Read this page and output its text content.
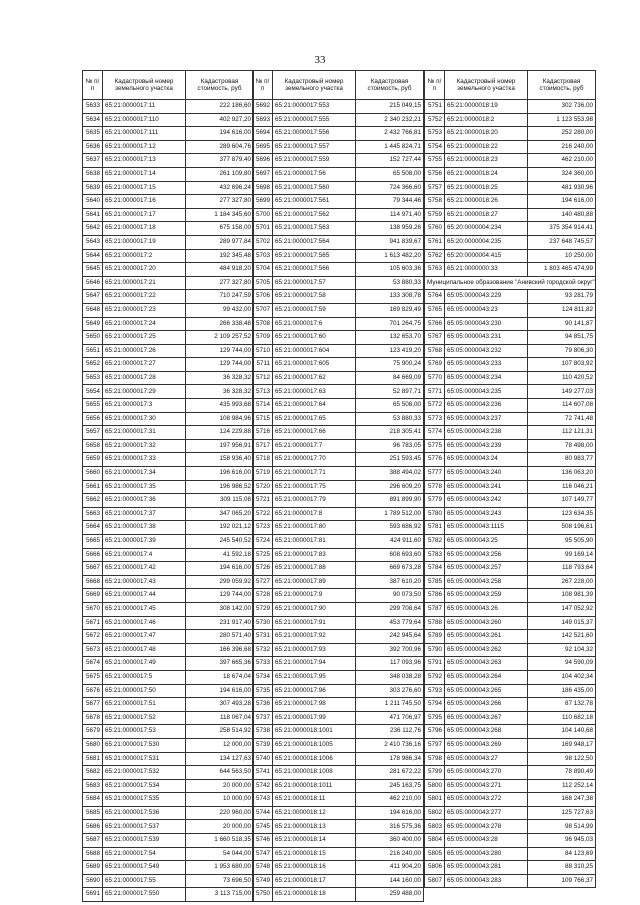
33
№ п/п	Кадастровый номер земельного участка	Кадастровая стоимость, руб
5633	65:21:0000017:11	222 186,60
5634	65:21:0000017:110	402 927,20
5635	65:21:0000017:111	194 616,00
5636	65:21:0000017:12	289 604,76
5637	65:21:0000017:13	377 879,40
5638	65:21:0000017:14	261 109,80
5639	65:21:0000017:15	432 696,24
5640	65:21:0000017:16	277 327,80
5641	65:21:0000017:17	1 184 345,60
5642	65:21:0000017:18	675 158,00
5643	65:21:0000017:19	289 977,84
5644	65:21:0000017:2	192 345,48
5645	65:21:0000017:20	484 918,20
5646	65:21:0000017:21	277 327,80
5647	65:21:0000017:22	710 247,59
5648	65:21:0000017:23	99 432,00
5649	65:21:0000017:24	266 338,48
5650	65:21:0000017:25	2 109 257,52
5651	65:21:0000017:26	129 744,00
5652	65:21:0000017:27	129 744,00
5653	65:21:0000017:28	36 328,32
5654	65:21:0000017:29	36 328,32
5655	65:21:0000017:3	435 993,68
5656	65:21:0000017:30	108 984,96
5657	65:21:0000017:31	124 229,88
5658	65:21:0000017:32	197 956,91
5659	65:21:0000017:33	158 936,40
5660	65:21:0000017:34	196 616,00
5661	65:21:0000017:35	196 986,52
5662	65:21:0000017:36	309 115,08
5663	65:21:0000017:37	347 065,20
5664	65:21:0000017:38	192 021,12
5665	65:21:0000017:39	245 540,52
5666	65:21:0000017:4	41 592,18
5667	65:21:0000017:42	194 616,00
5668	65:21:0000017:43	299 059,92
5669	65:21:0000017:44	129 744,00
5670	65:21:0000017:45	308 142,00
5671	65:21:0000017:46	231 917,40
5672	65:21:0000017:47	280 571,40
5673	65:21:0000017:48	166 396,68
5674	65:21:0000017:49	397 665,36
5675	65:21:0000017:5	18 674,04
5676	65:21:0000017:50	194 616,00
5677	65:21:0000017:51	307 493,28
5678	65:21:0000017:52	118 067,04
5679	65:21:0000017:53	258 514,92
5680	65:21:0000017:530	12 000,00
5681	65:21:0000017:531	134 127,63
5682	65:21:0000017:532	644 563,50
5683	65:21:0000017:534	20 000,00
5684	65:21:0000017:535	10 000,00
5685	65:21:0000017:536	220 960,00
5686	65:21:0000017:537	20 000,00
5687	65:21:0000017:539	1 660 518,35
5688	65:21:0000017:54	54 044,00
5689	65:21:0000017:549	1 953 680,00
5690	65:21:0000017:55	73 696,50
5691	65:21:0000017:550	3 113 715,00
№ п/п	Кадастровый номер земельного участка	Кадастровая стоимость, руб
5692	65:21:0000017:553	215 049,15
5693	65:21:0000017:555	2 340 232,21
5694	65:21:0000017:556	2 432 766,81
5695	65:21:0000017:557	1 445 824,71
5696	65:21:0000017:559	152 727,44
5697	65:21:0000017:56	65 508,00
5698	65:21:0000017:560	724 366,60
5699	65:21:0000017:561	79 344,46
5700	65:21:0000017:562	114 971,40
5701	65:21:0000017:563	138 959,26
5702	65:21:0000017:564	941 839,67
5703	65:21:0000017:565	1 613 482,20
5704	65:21:0000017:566	105 603,36
5705	65:21:0000017:57	53 880,33
5706	65:21:0000017:58	133 308,78
5707	65:21:0000017:59	169 829,49
5708	65:21:0000017:6	701 264,75
5709	65:21:0000017:60	132 653,70
5710	65:21:0000017:604	123 419,20
5711	65:21:0000017:605	75 900,24
5712	65:21:0000017:62	84 669,09
5713	65:21:0000017:63	52 897,71
5714	65:21:0000017:64	65 508,00
5715	65:21:0000017:65	53 880,33
5716	65:21:0000017:66	218 305,41
5717	65:21:0000017:7	96 783,05
5718	65:21:0000017:70	251 593,45
5719	65:21:0000017:71	388 494,02
5720	65:21:0000017:75	296 609,20
5721	65:21:0000017:79	891 899,90
5722	65:21:0000017:8	1 789 512,00
5723	65:21:0000017:80	593 686,92
5724	65:21:0000017:81	424 911,60
5725	65:21:0000017:83	608 693,60
5726	65:21:0000017:88	669 673,28
5727	65:21:0000017:89	387 610,20
5728	65:21:0000017:9	90 073,50
5729	65:21:0000017:90	299 708,64
5730	65:21:0000017:91	453 779,64
5731	65:21:0000017:92	242 945,64
5732	65:21:0000017:93	392 700,96
5733	65:21:0000017:94	117 093,96
5734	65:21:0000017:95	348 038,28
5735	65:21:0000017:96	303 276,60
5736	65:21:0000017:98	1 211 745,50
5737	65:21:0000017:99	471 706,97
5738	65:21:0000018:1001	236 112,76
5739	65:21:0000018:1005	2 410 736,16
5740	65:21:0000018:1006	178 986,34
5741	65:21:0000018:1008	281 672,22
5742	65:21:0000018:1011	245 163,75
5743	65:21:0000018:11	462 210,00
5744	65:21:0000018:12	194 616,00
5745	65:21:0000018:13	316 575,36
5746	65:21:0000018:14	360 400,00
5747	65:21:0000018:15	216 240,00
5748	65:21:0000018:16	411 904,20
5749	65:21:0000018:17	144 160,00
5750	65:21:0000018:18	259 488,00
№ п/п	Кадастровый номер земельного участка	Кадастровая стоимость, руб
5751	65:21:0000018:19	302 736,00
5752	65:21:0000018:2	1 123 553,98
5753	65:21:0000018:20	252 280,00
5754	65:21:0000018:22	216 240,00
5755	65:21:0000018:23	462 210,00
5756	65:21:0000018:24	324 360,00
5757	65:21:0000018:25	481 930,96
5758	65:21:0000018:26	194 616,00
5759	65:21:0000018:27	140 480,88
5760	65:20:0000004:234	375 354 914,41
5761	65:20:0000004:235	237 648 745,57
5762	65:20:0000004:415	10 250,00
5763	65:21:0000000:33	1 803 465 474,99
Муниципальное образование "Анивский городской округ"		
5764	65:05:0000043:229	93 281,79
5765	65:05:0000043:23	124 811,82
5766	65:05:0000043:230	90 141,87
5767	65:05:0000043:231	94 851,75
5768	65:05:0000043:232	79 806,30
5769	65:05:0000043:233	107 803,92
5770	65:05:0000043:234	110 420,52
5771	65:05:0000043:235	149 277,03
5772	65:05:0000043:236	114 607,08
5773	65:05:0000043:237	72 741,48
5774	65:05:0000043:238	112 121,31
5775	65:05:0000043:239	78 498,00
5776	65:05:0000043:24	80 983,77
5777	65:05:0000043:240	136 063,20
5778	65:05:0000043:241	116 046,21
5779	65:05:0000043:242	107 149,77
5780	65:05:0000043:243	123 634,35
5781	65:05:0000043:1115	508 196,61
5782	65:05:0000043:25	95 505,90
5783	65:05:0000043:256	99 169,14
5784	65:05:0000043:257	118 793,64
5785	65:05:0000043:258	267 228,00
5786	65:05:0000043:259	108 981,39
5787	65:05:0000043:26	147 052,92
5788	65:05:0000043:260	149 015,37
5789	65:05:0000043:261	142 521,60
5790	65:05:0000043:262	92 104,32
5791	65:05:0000043:263	94 590,09
5792	65:05:0000043:264	104 402,34
5793	65:05:0000043:265	186 435,00
5794	65:05:0000043:266	87 132,78
5795	65:05:0000043:267	110 682,18
5796	65:05:0000043:268	104 140,68
5797	65:05:0000043:269	169 948,17
5798	65:05:0000043:27	98 122,50
5799	65:05:0000043:270	78 890,49
5800	65:05:0000043:271	112 252,14
5801	65:05:0000043:272	168 247,38
5802	65:05:0000043:277	125 727,63
5803	65:05:0000043:278	98 514,99
5804	65:05:0000043:28	96 945,03
5805	65:05:0000043:280	84 123,69
5806	65:05:0000043:281	88 310,25
5807	65:05:0000043:283	109 766,37
